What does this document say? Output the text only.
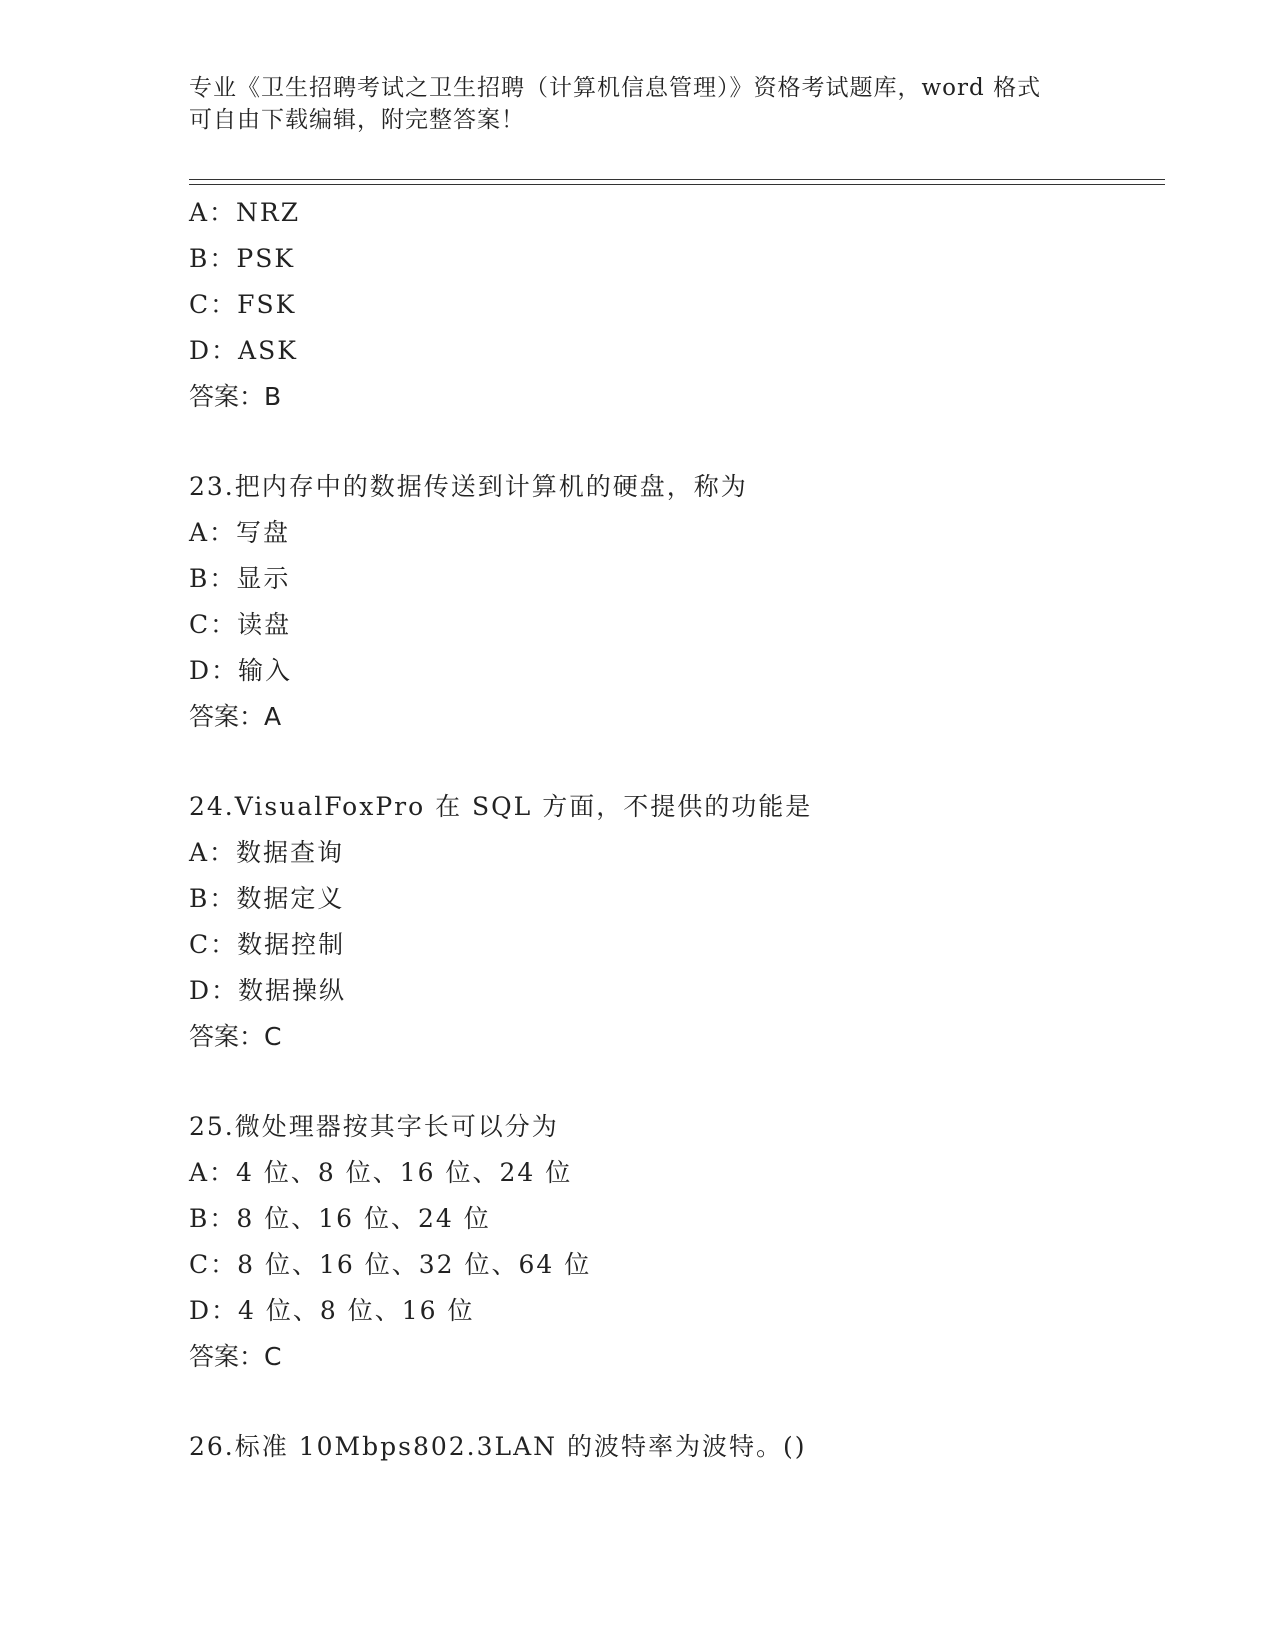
专业《卫生招聘考试之卫生招聘（计算机信息管理）》资格考试题库，word 格式
可自由下载编辑，附完整答案！
A：NRZ
B：PSK
C：FSK
D：ASK
答案：B
23.把内存中的数据传送到计算机的硬盘，称为
A：写盘
B：显示
C：读盘
D：输入
答案：A
24.VisualFoxPro 在 SQL 方面，不提供的功能是
A：数据查询
B：数据定义
C：数据控制
D：数据操纵
答案：C
25.微处理器按其字长可以分为
A：4 位、8 位、16 位、24 位
B：8 位、16 位、24 位
C：8 位、16 位、32 位、64 位
D：4 位、8 位、16 位
答案：C
26.标准 10Mbps802.3LAN 的波特率为波特。()
